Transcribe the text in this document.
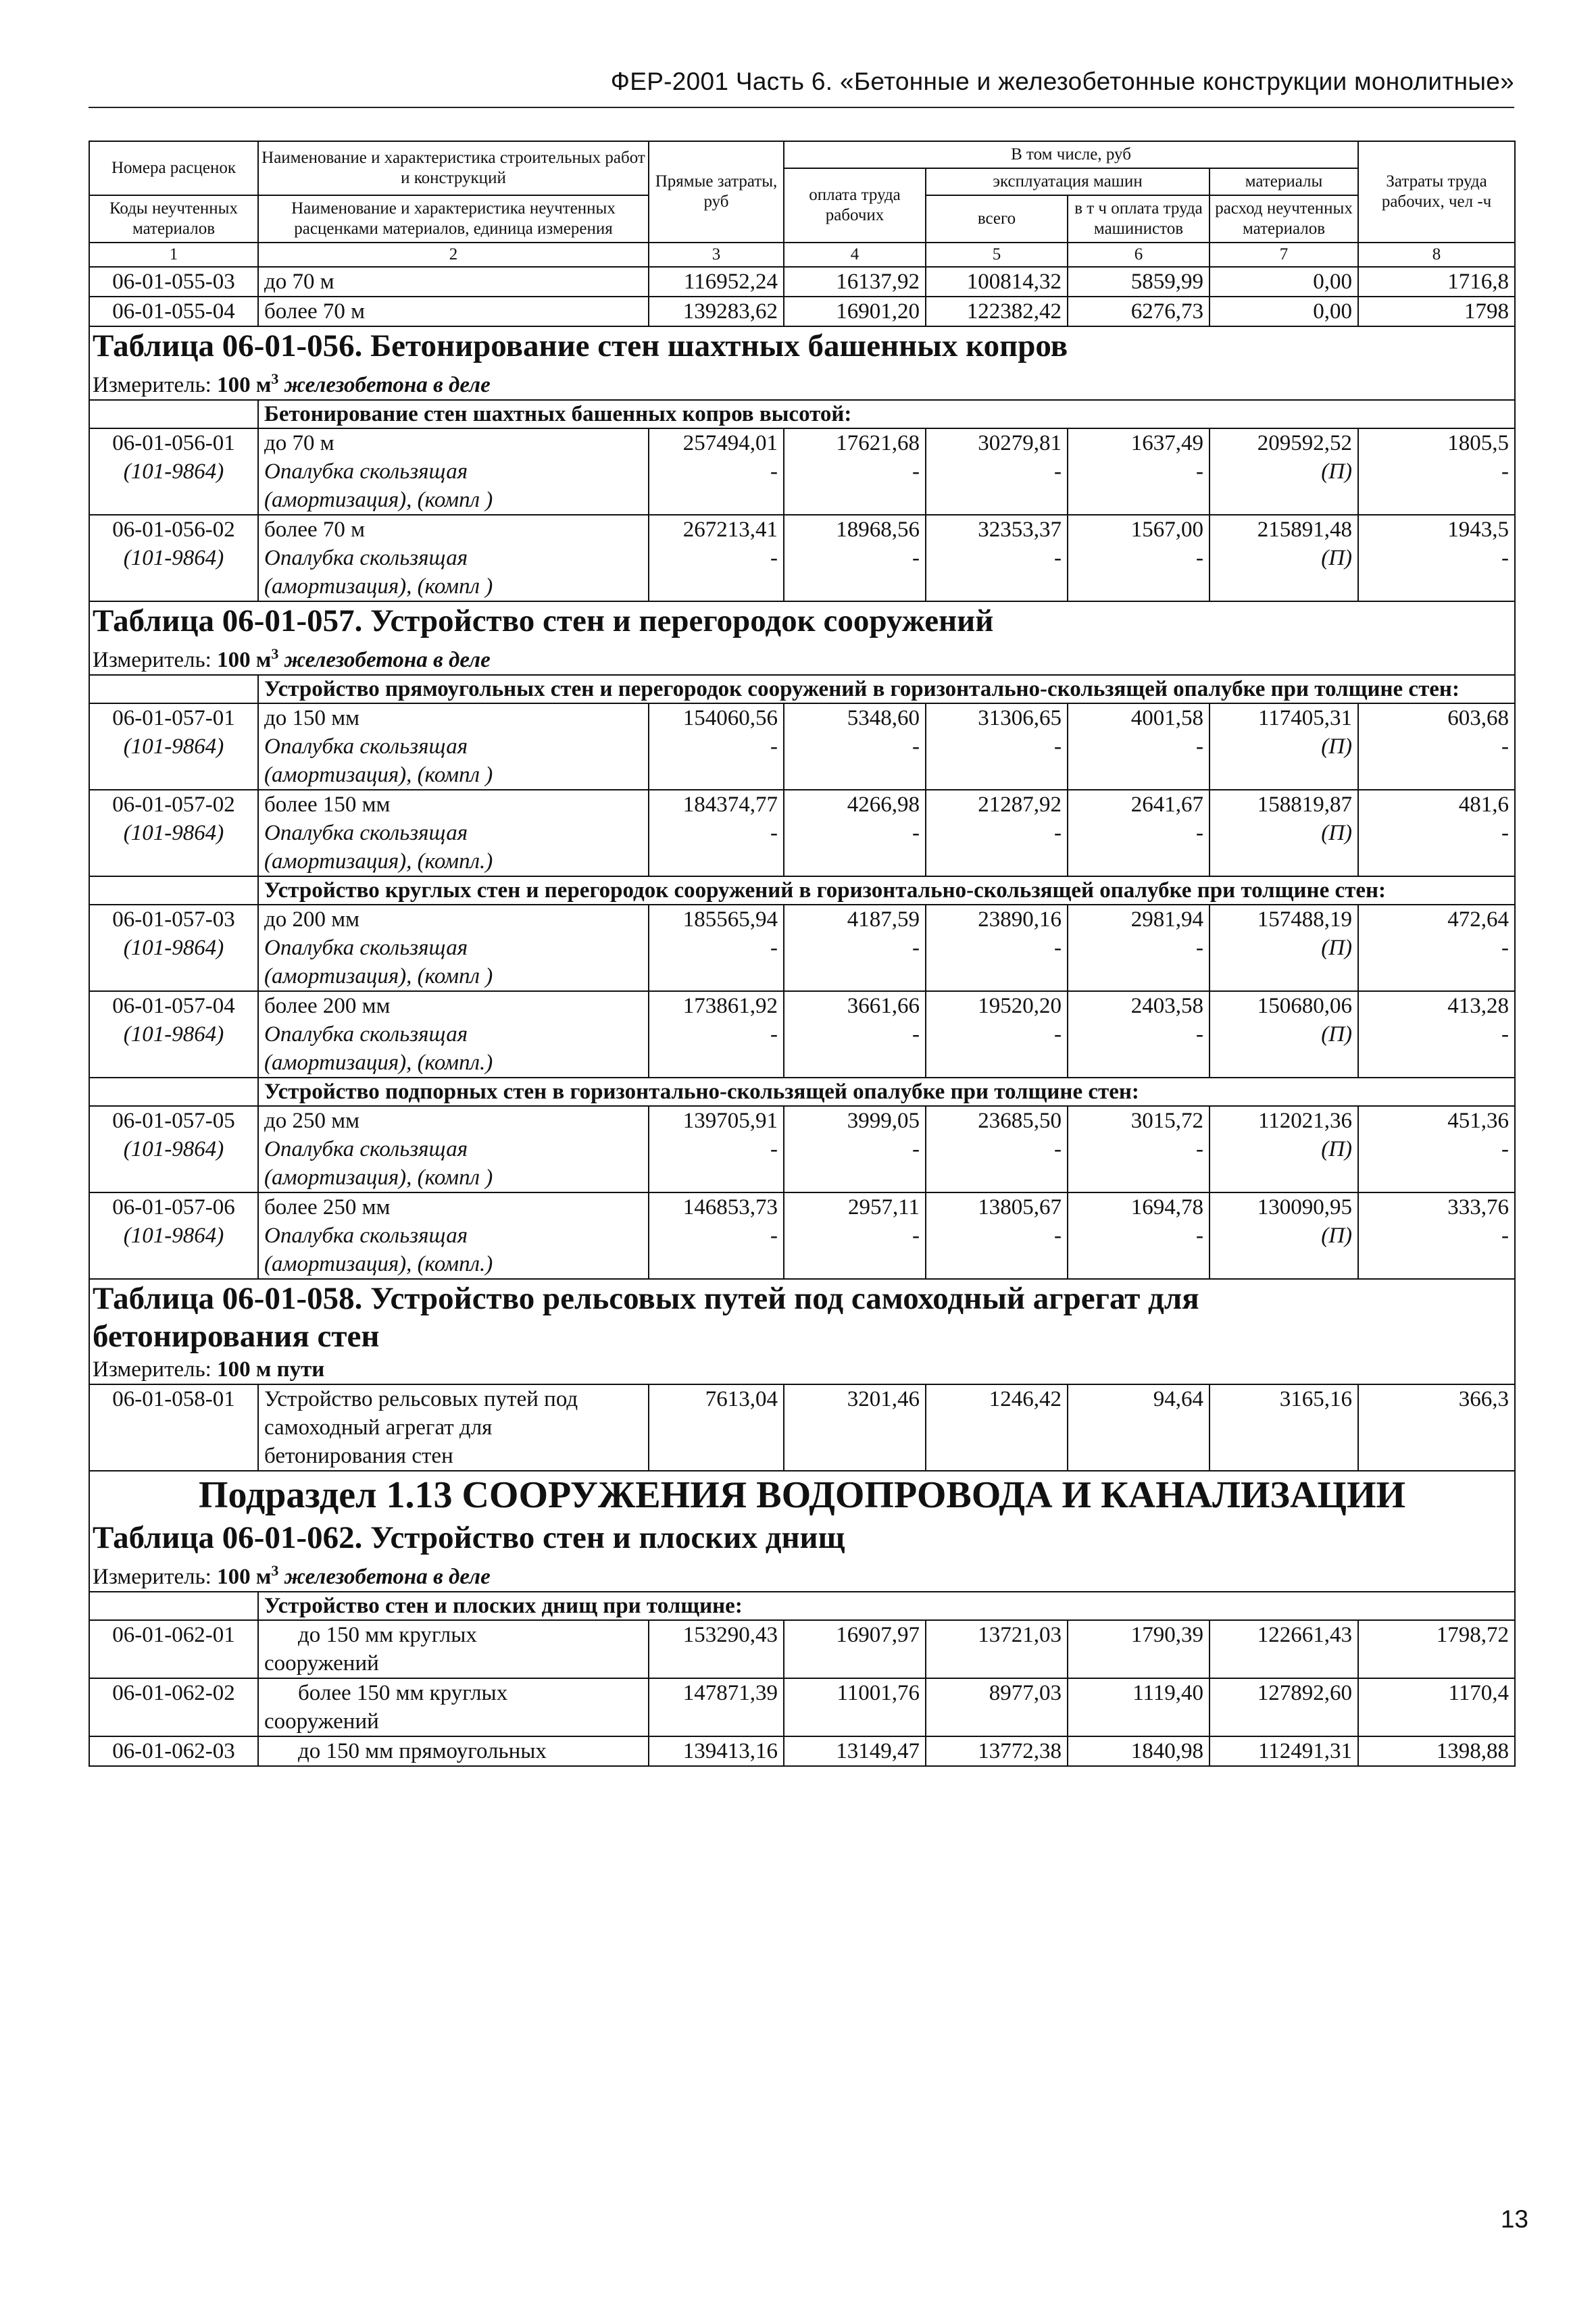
ФЕР-2001 Часть 6. «Бетонные и железобетонные конструкции монолитные»
Номера расценок	Наименование и характеристика строительных работ и конструкций	Прямые затраты, руб	В том числе, руб				Затраты труда рабочих, чел -ч
			оплата труда рабочих	эксплуатация машин		материалы	
Коды неучтенных материалов	Наименование и характеристика неучтенных расценками материалов, единица измерения			всего	в т ч оплата труда машинистов	расход неучтенных материалов	

1	2	3	4	5	6	7	8
06-01-055-03	до 70 м	116952,24	16137,92	100814,32	5859,99	0,00	1716,8
06-01-055-04	более 70 м	139283,62	16901,20	122382,42	6276,73	0,00	1798
Таблица 06-01-056. Бетонирование стен шахтных башенных копров							
Измеритель: 100 $м^3$ железобетона в деле							
	Бетонирование стен шахтных башенных копров высотой:						
06-01-056-01	до 70 м	257494,01	17621,68	30279,81	1637,49	209592,52	1805,5
(101-9864)	Опалубка скользящая	-	-	-	-	(П)	-
	(амортизация), (компл )						
06-01-056-02	более 70 м	267213,41	18968,56	32353,37	1567,00	215891,48	1943,5
(101-9864)	Опалубка скользящая	-	-	-	-	(П)	-
	(амортизация), (компл )						
Таблица 06-01-057. Устройство стен и перегородок сооружений							
Измеритель: 100 $м^3$ железобетона в деле							
	Устройство прямоугольных стен и перегородок сооружений в горизонтально-скользящей опалубке при толщине стен:						
06-01-057-01	до 150 мм	154060,56	5348,60	31306,65	4001,58	117405,31	603,68
(101-9864)	Опалубка скользящая	-	-	-	-	(П)	-
	(амортизация), (компл )						
06-01-057-02	более 150 мм	184374,77	4266,98	21287,92	2641,67	158819,87	481,6
(101-9864)	Опалубка скользящая	-	-	-	-	(П)	-
	(амортизация), (компл.)						
	Устройство круглых стен и перегородок сооружений в горизонтально-скользящей опалубке при толщине стен:						
06-01-057-03	до 200 мм	185565,94	4187,59	23890,16	2981,94	157488,19	472,64
(101-9864)	Опалубка скользящая	-	-	-	-	(П)	-
	(амортизация), (компл )						
06-01-057-04	более 200 мм	173861,92	3661,66	19520,20	2403,58	150680,06	413,28
(101-9864)	Опалубка скользящая	-	-	-	-	(П)	-
	(амортизация), (компл.)						
	Устройство подпорных стен в горизонтально-скользящей опалубке при толщине стен:						
06-01-057-05	до 250 мм	139705,91	3999,05	23685,50	3015,72	112021,36	451,36
(101-9864)	Опалубка скользящая	-	-	-	-	(П)	-
	(амортизация), (компл )						
06-01-057-06	более 250 мм	146853,73	2957,11	13805,67	1694,78	130090,95	333,76
(101-9864)	Опалубка скользящая	-	-	-	-	(П)	-
	(амортизация), (компл.)						
Таблица 06-01-058. Устройство рельсовых путей под самоходный агрегат для							
бетонирования стен							
Измеритель: 100 м пути							
06-01-058-01	Устройство рельсовых путей под
самоходный агрегат для
бетонирования стен	7613,04	3201,46	1246,42	94,64	3165,16	366,3
Подраздел 1.13 СООРУЖЕНИЯ ВОДОПРОВОДА И КАНАЛИЗАЦИИ							
Таблица 06-01-062. Устройство стен и плоских днищ							
Измеритель: 100 $м^3$ железобетона в деле							
	Устройство стен и плоских днищ при толщине:						
06-01-062-01	до 150 мм круглых
сооружений	153290,43	16907,97	13721,03	1790,39	122661,43	1798,72
06-01-062-02	более 150 мм круглых
сооружений	147871,39	11001,76	8977,03	1119,40	127892,60	1170,4
06-01-062-03	до 150 мм прямоугольных	139413,16	13149,47	13772,38	1840,98	112491,31	1398,88
13
